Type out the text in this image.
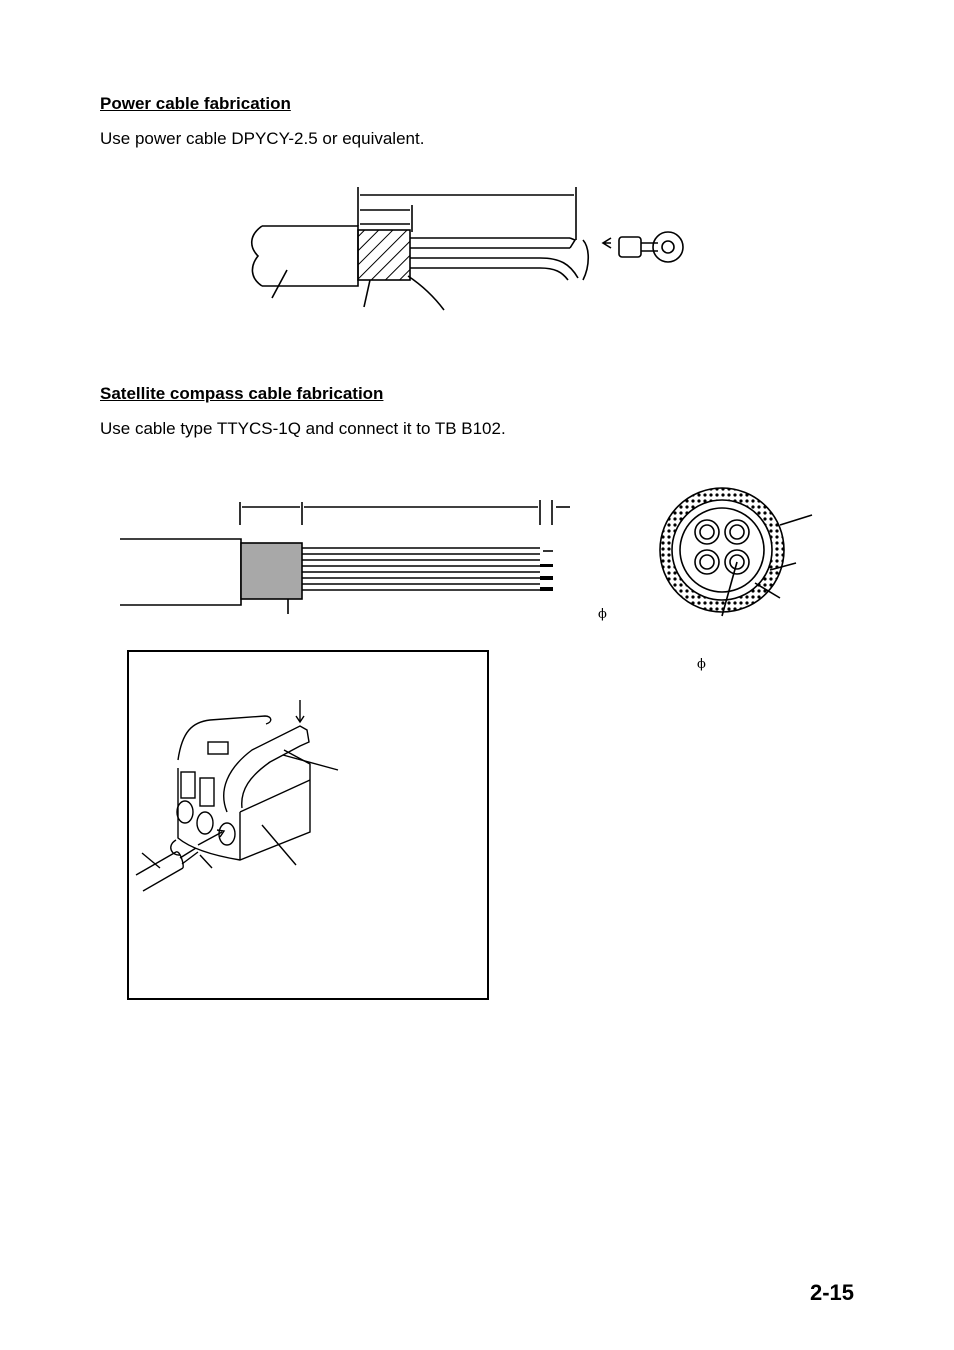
Power cable fabrication

Use power cable DPYCY-2.5 or equivalent.

Satellite compass cable fabrication

Use cable type TTYCS-1Q and connect it to TB B102.

ϕ
ϕ
2-15
